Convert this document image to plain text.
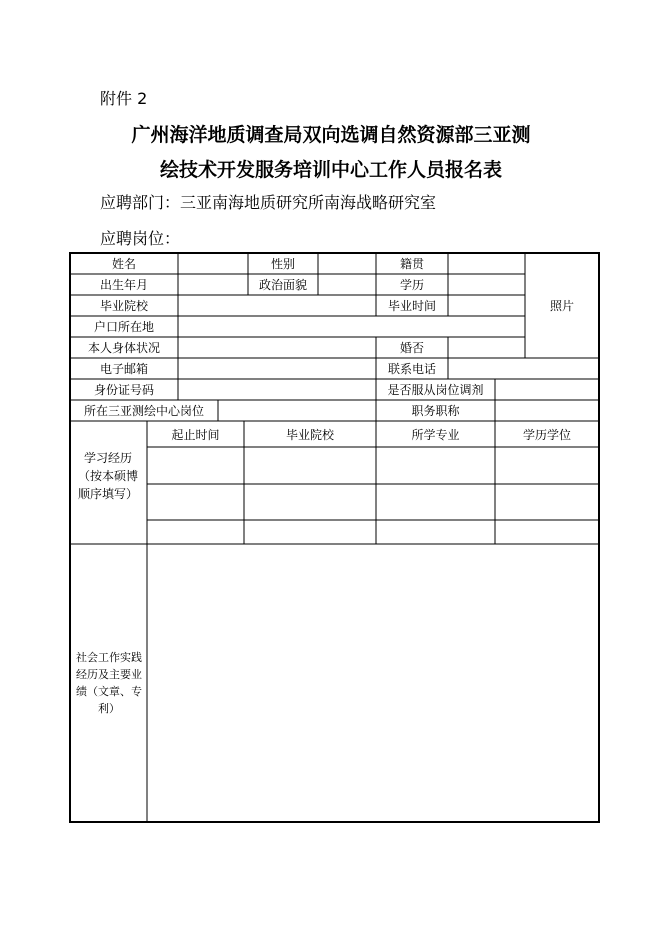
附件 2
广州海洋地质调查局双向选调自然资源部三亚测
绘技术开发服务培训中心工作人员报名表
应聘部门：三亚南海地质研究所南海战略研究室
应聘岗位：
姓名	性别	籍贯
照片
出生年月	政治面貌	学历
毕业院校	毕业时间
户口所在地
本人身体状况	婚否
电子邮箱	联系电话
身份证号码	是否服从岗位调剂
所在三亚测绘中心岗位	职务职称
学习经历（按本硕博顺序填写）
起止时间	毕业院校	所学专业	学历学位
社会工作实践经历及主要业绩（文章、专利）
